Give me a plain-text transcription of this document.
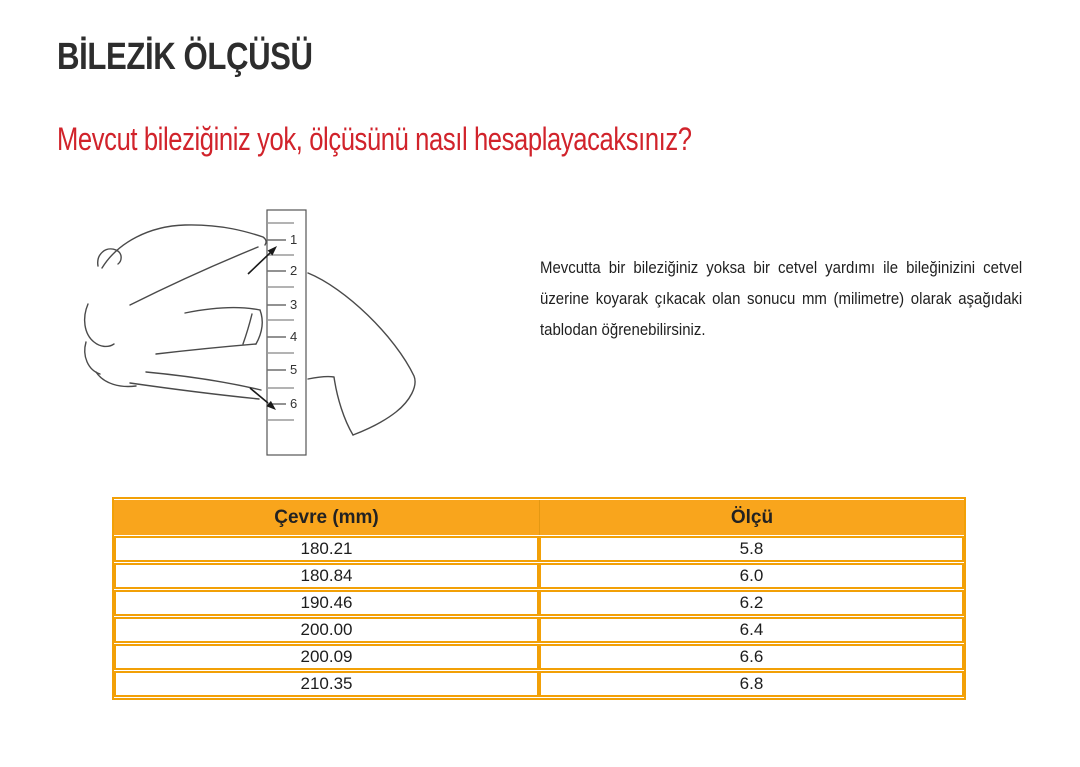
BİLEZİK ÖLÇÜSÜ
Mevcut bileziğiniz yok, ölçüsünü nasıl hesaplayacaksınız?
1
2
3
4
5
6

Mevcutta bir bileziğiniz yoksa bir cetvel yardımı ile bileğinizini cetvel üzerine koyarak çıkacak olan sonucu mm (milimetre) olarak aşağıdaki tablodan öğrenebilirsiniz.

Çevre (mm)	Ölçü
180.21	5.8
180.84	6.0
190.46	6.2
200.00	6.4
200.09	6.6
210.35	6.8
